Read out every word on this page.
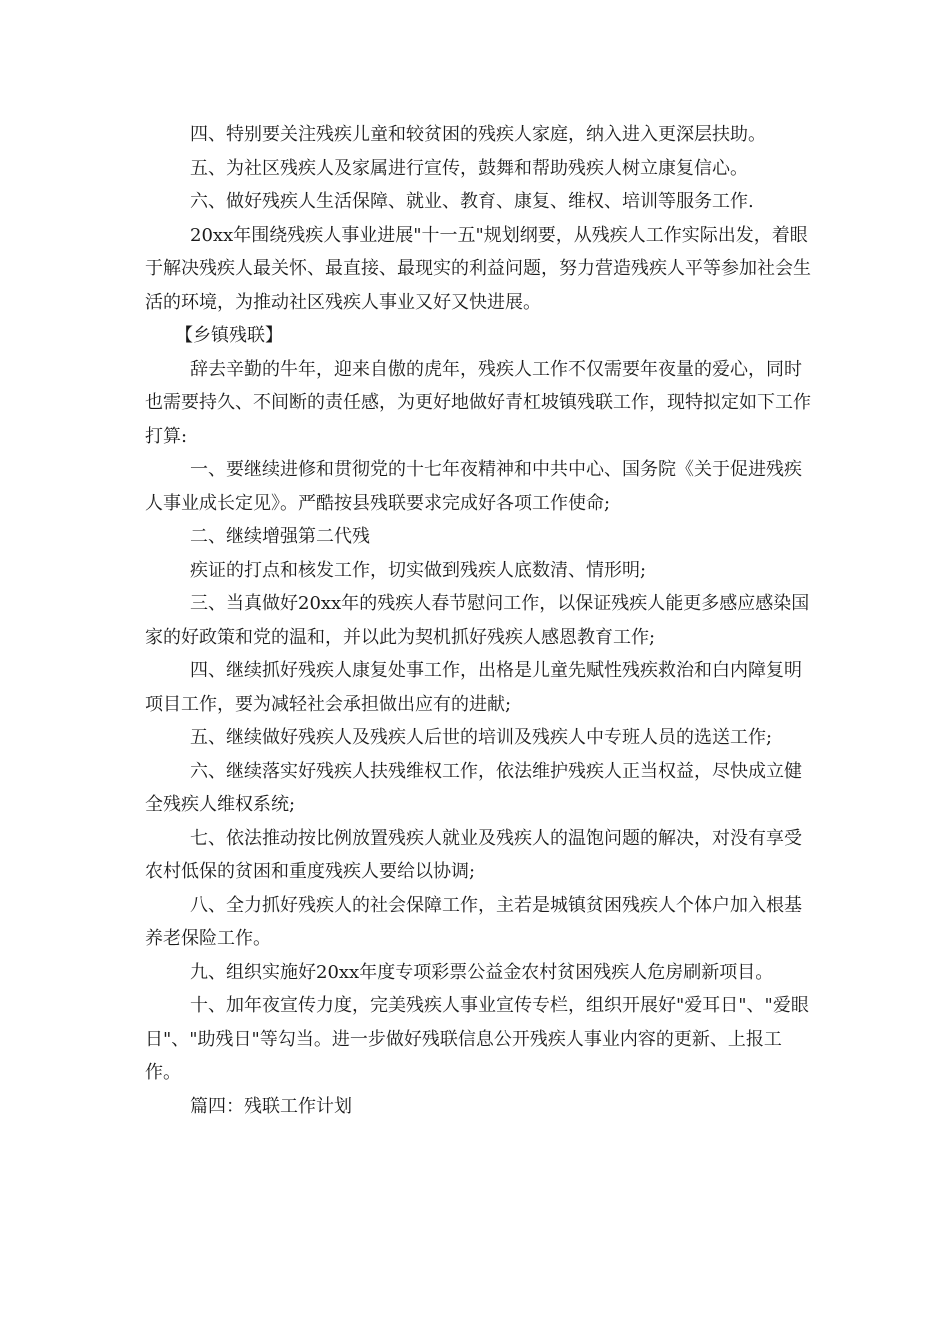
四、特别要关注残疾儿童和较贫困的残疾人家庭，纳入进入更深层扶助。

五、为社区残疾人及家属进行宣传，鼓舞和帮助残疾人树立康复信心。

六、做好残疾人生活保障、就业、教育、康复、维权、培训等服务工作.

20xx年围绕残疾人事业进展"十一五"规划纲要，从残疾人工作实际出发，着眼于解决残疾人最关怀、最直接、最现实的利益问题，努力营造残疾人平等参加社会生活的环境，为推动社区残疾人事业又好又快进展。

【乡镇残联】

辞去辛勤的牛年，迎来自傲的虎年，残疾人工作不仅需要年夜量的爱心，同时也需要持久、不间断的责任感，为更好地做好青杠坡镇残联工作，现特拟定如下工作打算:

一、要继续进修和贯彻党的十七年夜精神和中共中心、国务院《关于促进残疾人事业成长定见》。严酷按县残联要求完成好各项工作使命;

二、继续增强第二代残

疾证的打点和核发工作，切实做到残疾人底数清、情形明;

三、当真做好20xx年的残疾人春节慰问工作，以保证残疾人能更多感应感染国家的好政策和党的温和，并以此为契机抓好残疾人感恩教育工作;

四、继续抓好残疾人康复处事工作，出格是儿童先赋性残疾救治和白内障复明项目工作，要为减轻社会承担做出应有的进献;

五、继续做好残疾人及残疾人后世的培训及残疾人中专班人员的选送工作;

六、继续落实好残疾人扶残维权工作，依法维护残疾人正当权益，尽快成立健全残疾人维权系统;

七、依法推动按比例放置残疾人就业及残疾人的温饱问题的解决，对没有享受农村低保的贫困和重度残疾人要给以协调;

八、全力抓好残疾人的社会保障工作，主若是城镇贫困残疾人个体户加入根基养老保险工作。

九、组织实施好20xx年度专项彩票公益金农村贫困残疾人危房刷新项目。

十、加年夜宣传力度，完美残疾人事业宣传专栏，组织开展好"爱耳日"、"爱眼日"、"助残日"等勾当。进一步做好残联信息公开残疾人事业内容的更新、上报工作。

篇四：残联工作计划
